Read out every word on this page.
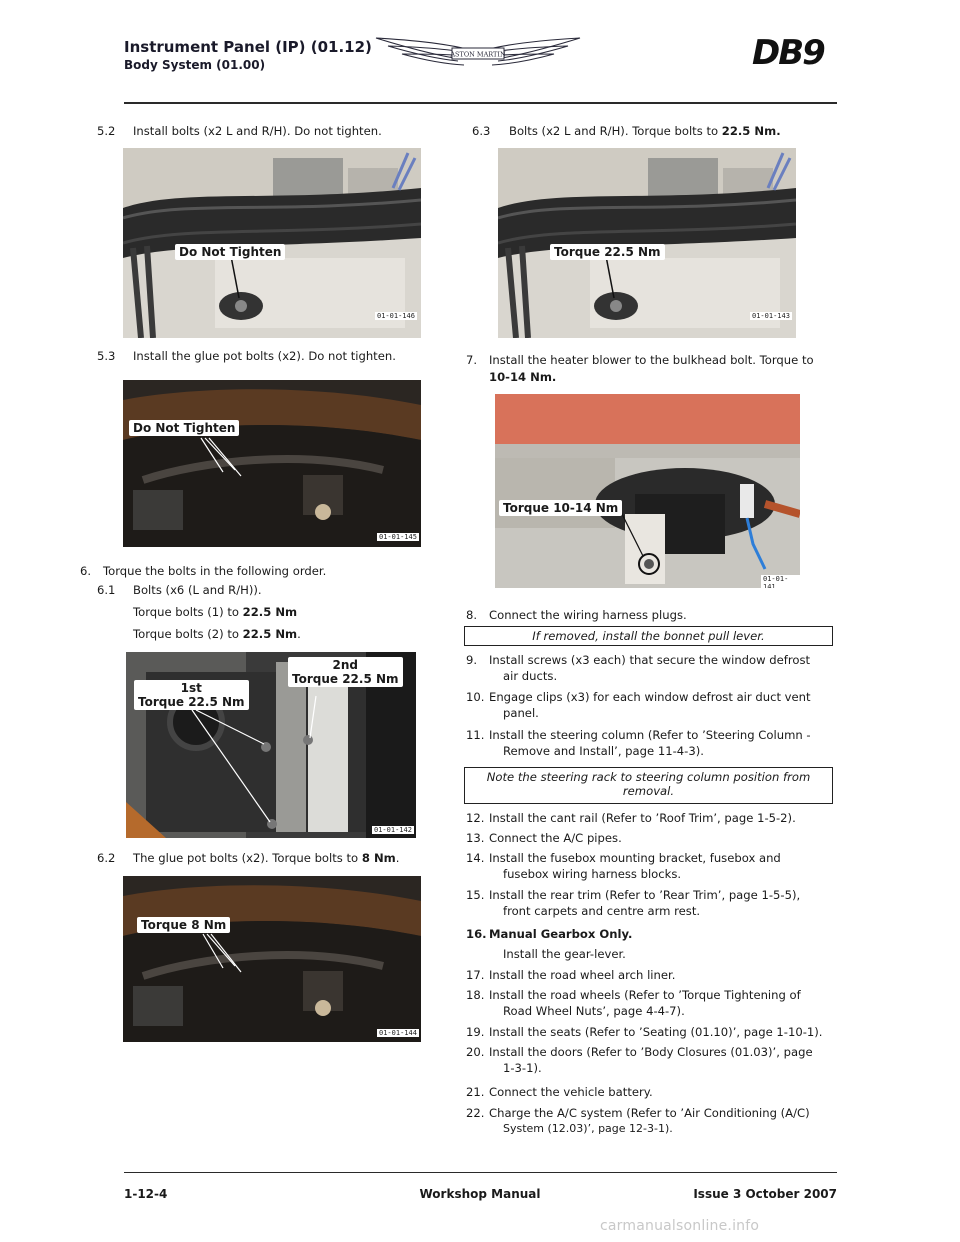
Instrument Panel (IP) (01.12)
Body System (01.00)
ASTON MARTIN	DB9
5.2 Install bolts (x2 L and R/H). Do not tighten.
Do Not Tighten
01-01-146
5.3 Install the glue pot bolts (x2). Do not tighten.
Do Not Tighten
01-01-145
6. Torque the bolts in the following order.
6.1 Bolts (x6 (L and R/H)).
Torque bolts (1) to 22.5 Nm
Torque bolts (2) to 22.5 Nm.
1st
Torque 22.5 Nm
2nd
Torque 22.5 Nm
01-01-142
6.2 The glue pot bolts (x2). Torque bolts to 8 Nm.
Torque 8 Nm
01-01-144
6.3 Bolts (x2 L and R/H). Torque bolts to 22.5 Nm.
Torque 22.5 Nm
01-01-143
7. Install the heater blower to the bulkhead bolt. Torque to
10-14 Nm.
Torque 10-14 Nm
01-01-141
8. Connect the wiring harness plugs.
If removed, install the bonnet pull lever.
9. Install screws (x3 each) that secure the window defrost
air ducts.
10. Engage clips (x3) for each window defrost air duct vent
panel.
11. Install the steering column (Refer to ’Steering Column -
Remove and Install’, page 11-4-3).
Note the steering rack to steering column position from
removal.
12. Install the cant rail (Refer to ’Roof Trim’, page 1-5-2).
13. Connect the A/C pipes.
14. Install the fusebox mounting bracket, fusebox and
fusebox wiring harness blocks.
15. Install the rear trim (Refer to ’Rear Trim’, page 1-5-5),
front carpets and centre arm rest.
16. Manual Gearbox Only.
Install the gear-lever.
17. Install the road wheel arch liner.
18. Install the road wheels (Refer to ’Torque Tightening of
Road Wheel Nuts’, page 4-4-7).
19. Install the seats (Refer to ’Seating (01.10)’, page 1-10-1).
20. Install the doors (Refer to ’Body Closures (01.03)’, page
1-3-1).
21. Connect the vehicle battery.
22. Charge the A/C system (Refer to ’Air Conditioning (A/C)
System (12.03)’, page 12-3-1).
1-12-4	Workshop Manual	Issue 3 October 2007
carmanualsonline.info
